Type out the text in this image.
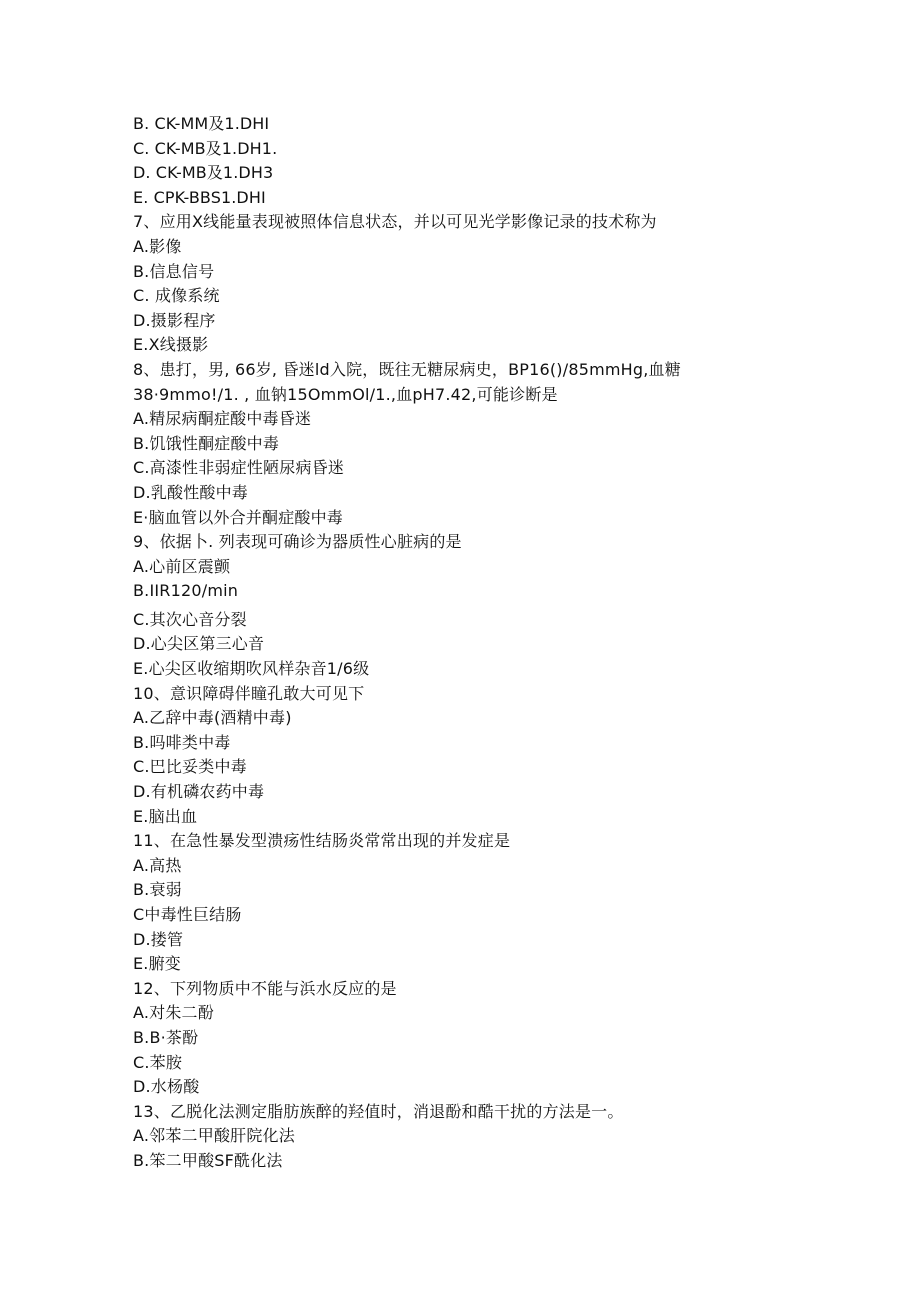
B. CK-MM及1.DHI
C. CK-MB及1.DH1.
D. CK-MB及1.DH3
E. CPK-BBS1.DHI
7、应用X线能量表现被照体信息状态，并以可见光学影像记录的技术称为
A.影像
B.信息信号
C. 成像系统
D.摄影程序
E.X线摄影
8、患打，男, 66岁, 昏迷ld入院，既往无糖尿病史，BP16()/85mmHg,血糖
38·9mmo!/1. , 血钠15OmmOl/1.,血pH7.42,可能诊断是
A.精尿病酮症酸中毒昏迷
B.饥饿性酮症酸中毒
C.高漆性非弱症性陋尿病昏迷
D.乳酸性酸中毒
E·脑血管以外合并酮症酸中毒
9、依据卜. 列表现可确诊为器质性心脏病的是
A.心前区震颤
B.IIR120∕min
C.其次心音分裂
D.心尖区第三心音
E.心尖区收缩期吹风样杂音1/6级
10、意识障碍伴瞳孔敢大可见下
A.乙辞中毒(酒精中毒)
B.吗啡类中毒
C.巴比妥类中毒
D.有机磷农药中毒
E.脑出血
11、在急性暴发型溃疡性结肠炎常常出现的并发症是
A.高热
B.衰弱
C中毒性巨结肠
D.搂管
E.腑变
12、下列物质中不能与浜水反应的是
A.对朱二酚
B.B·茶酚
C.苯胺
D.水杨酸
13、乙脱化法测定脂肪族醉的羟值时，消退酚和酷干扰的方法是一。
A.邻苯二甲酸肝院化法
B.笨二甲酸SF酰化法
